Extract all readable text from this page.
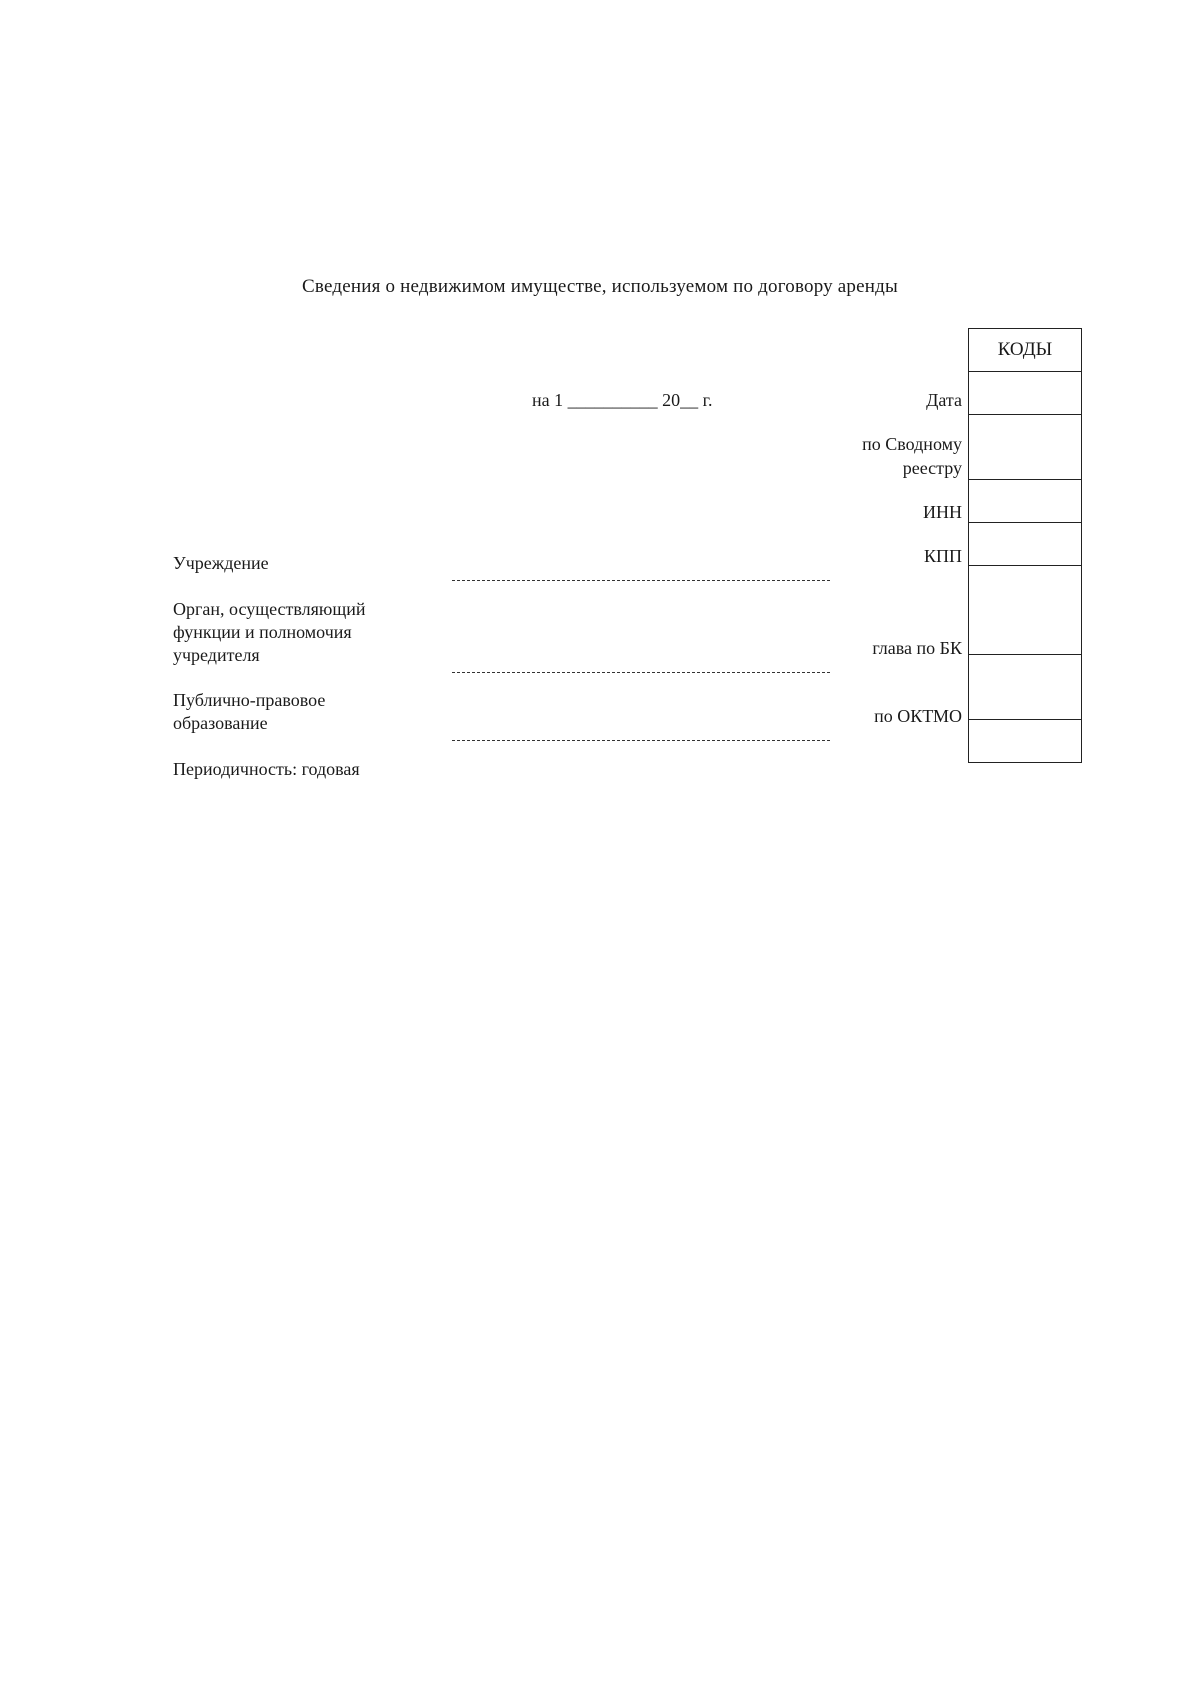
Сведения о недвижимом имуществе, используемом по договору аренды
на 1 __________ 20__ г.	Дата
по Сводному
реестру
ИНН
КПП
глава по БК
по ОКТМО
Учреждение
Орган, осуществляющий
функции и полномочия
учредителя
Публично-правовое
образование
Периодичность: годовая
КОДЫ
